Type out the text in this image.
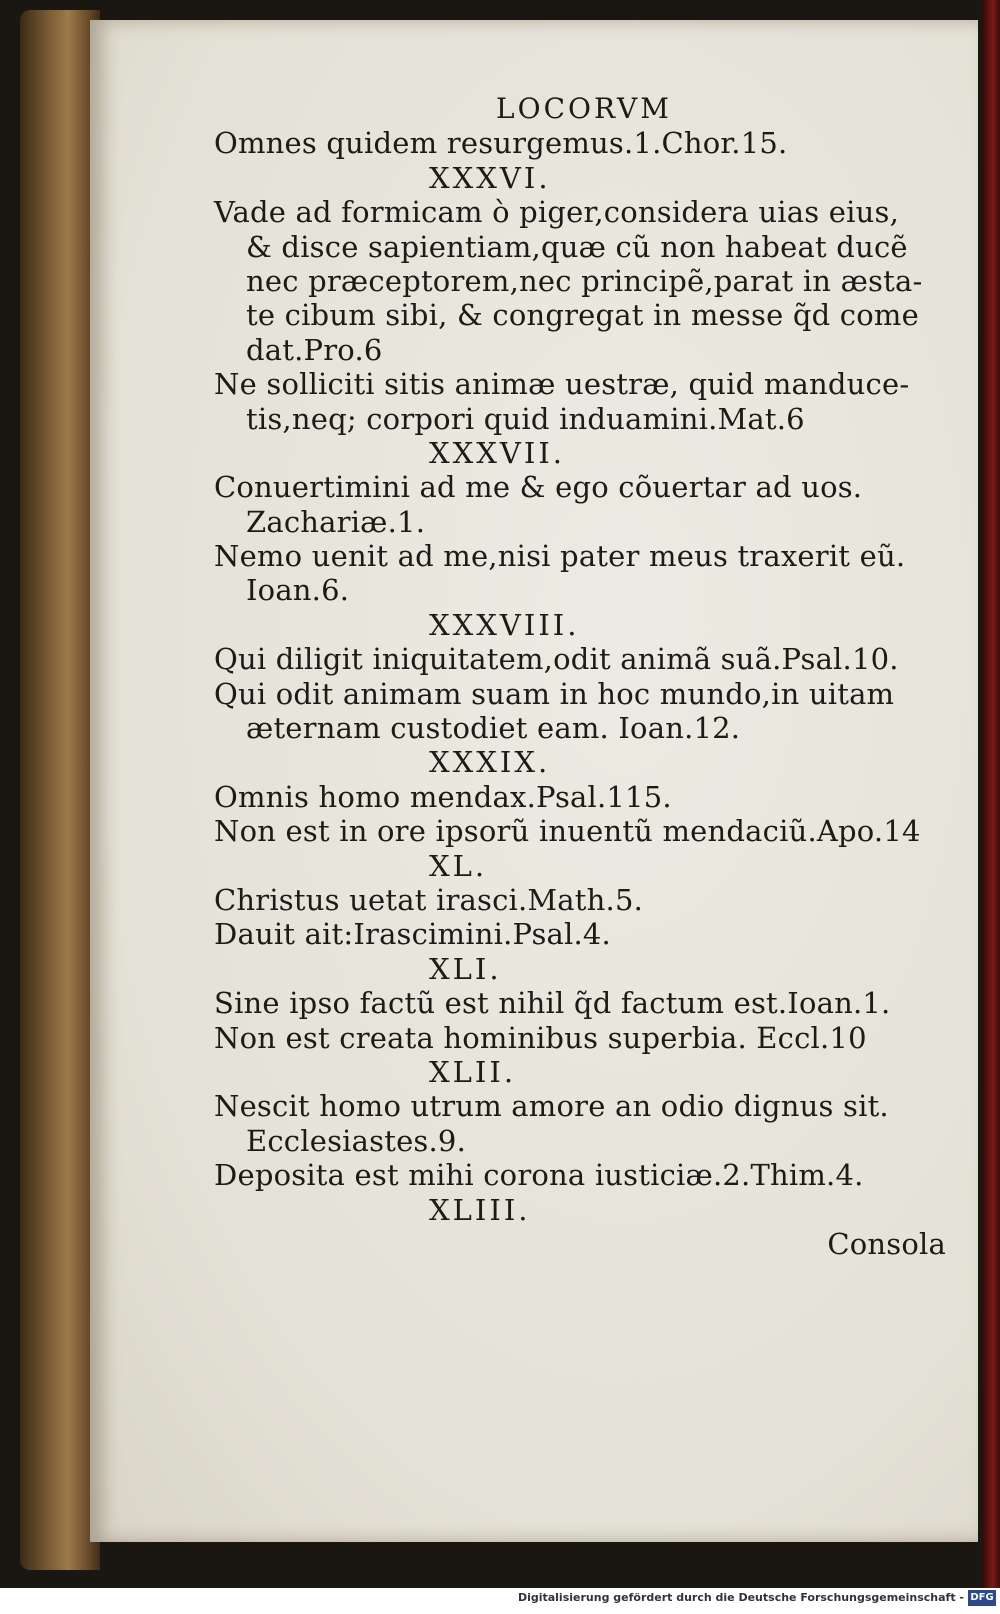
LOCORVM
Omnes quidem resurgemus.1.Chor.15.
XXXVI.
Vade ad formicam ò piger,considera uias eius,
& disce sapientiam,quæ cũ non habeat ducẽ
nec præceptorem,nec principẽ,parat in æsta-
te cibum sibi, & congregat in messe q̃d come
dat.Pro.6
Ne solliciti sitis animæ uestræ, quid manduce-
tis,neq; corpori quid induamini.Mat.6
XXXVII.
Conuertimini ad me & ego cõuertar ad uos.
Zachariæ.1.
Nemo uenit ad me,nisi pater meus traxerit eũ.
Ioan.6.
XXXVIII.
Qui diligit iniquitatem,odit animã suã.Psal.10.
Qui odit animam suam in hoc mundo,in uitam
æternam custodiet eam. Ioan.12.
XXXIX.
Omnis homo mendax.Psal.115.
Non est in ore ipsorũ inuentũ mendaciũ.Apo.14
XL.
Christus uetat irasci.Math.5.
Dauit ait:Irascimini.Psal.4.
XLI.
Sine ipso factũ est nihil q̃d factum est.Ioan.1.
Non est creata hominibus superbia. Eccl.10
XLII.
Nescit homo utrum amore an odio dignus sit.
Ecclesiastes.9.
Deposita est mihi corona iusticiæ.2.Thim.4.
XLIII.
Consola
Digitalisierung gefördert durch die Deutsche Forschungsgemeinschaft - DFG
